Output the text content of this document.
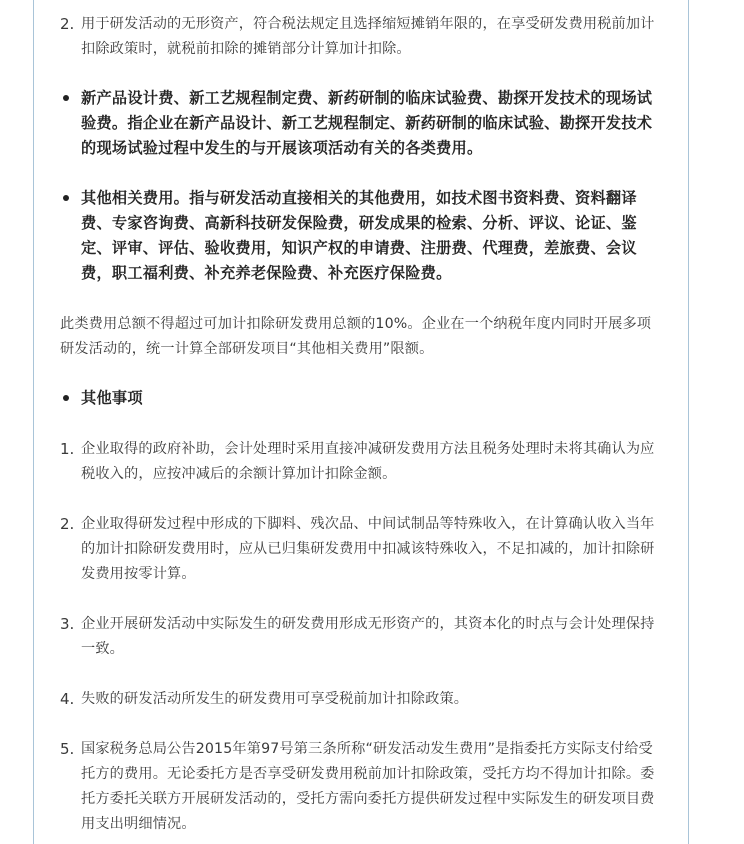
2. 用于研发活动的无形资产，符合税法规定且选择缩短摊销年限的，在享受研发费用税前加计扣除政策时，就税前扣除的摊销部分计算加计扣除。
新产品设计费、新工艺规程制定费、新药研制的临床试验费、勘探开发技术的现场试验费。指企业在新产品设计、新工艺规程制定、新药研制的临床试验、勘探开发技术的现场试验过程中发生的与开展该项活动有关的各类费用。
其他相关费用。指与研发活动直接相关的其他费用，如技术图书资料费、资料翻译费、专家咨询费、高新科技研发保险费，研发成果的检索、分析、评议、论证、鉴定、评审、评估、验收费用，知识产权的申请费、注册费、代理费，差旅费、会议费，职工福利费、补充养老保险费、补充医疗保险费。
此类费用总额不得超过可加计扣除研发费用总额的10%。企业在一个纳税年度内同时开展多项研发活动的，统一计算全部研发项目“其他相关费用”限额。
其他事项
1. 企业取得的政府补助，会计处理时采用直接冲减研发费用方法且税务处理时未将其确认为应税收入的，应按冲减后的余额计算加计扣除金额。
2. 企业取得研发过程中形成的下脚料、残次品、中间试制品等特殊收入，在计算确认收入当年的加计扣除研发费用时，应从已归集研发费用中扣减该特殊收入，不足扣减的，加计扣除研发费用按零计算。
3. 企业开展研发活动中实际发生的研发费用形成无形资产的，其资本化的时点与会计处理保持一致。
4. 失败的研发活动所发生的研发费用可享受税前加计扣除政策。
5. 国家税务总局公告2015年第97号第三条所称“研发活动发生费用”是指委托方实际支付给受托方的费用。无论委托方是否享受研发费用税前加计扣除政策，受托方均不得加计扣除。委托方委托关联方开展研发活动的，受托方需向委托方提供研发过程中实际发生的研发项目费用支出明细情况。
